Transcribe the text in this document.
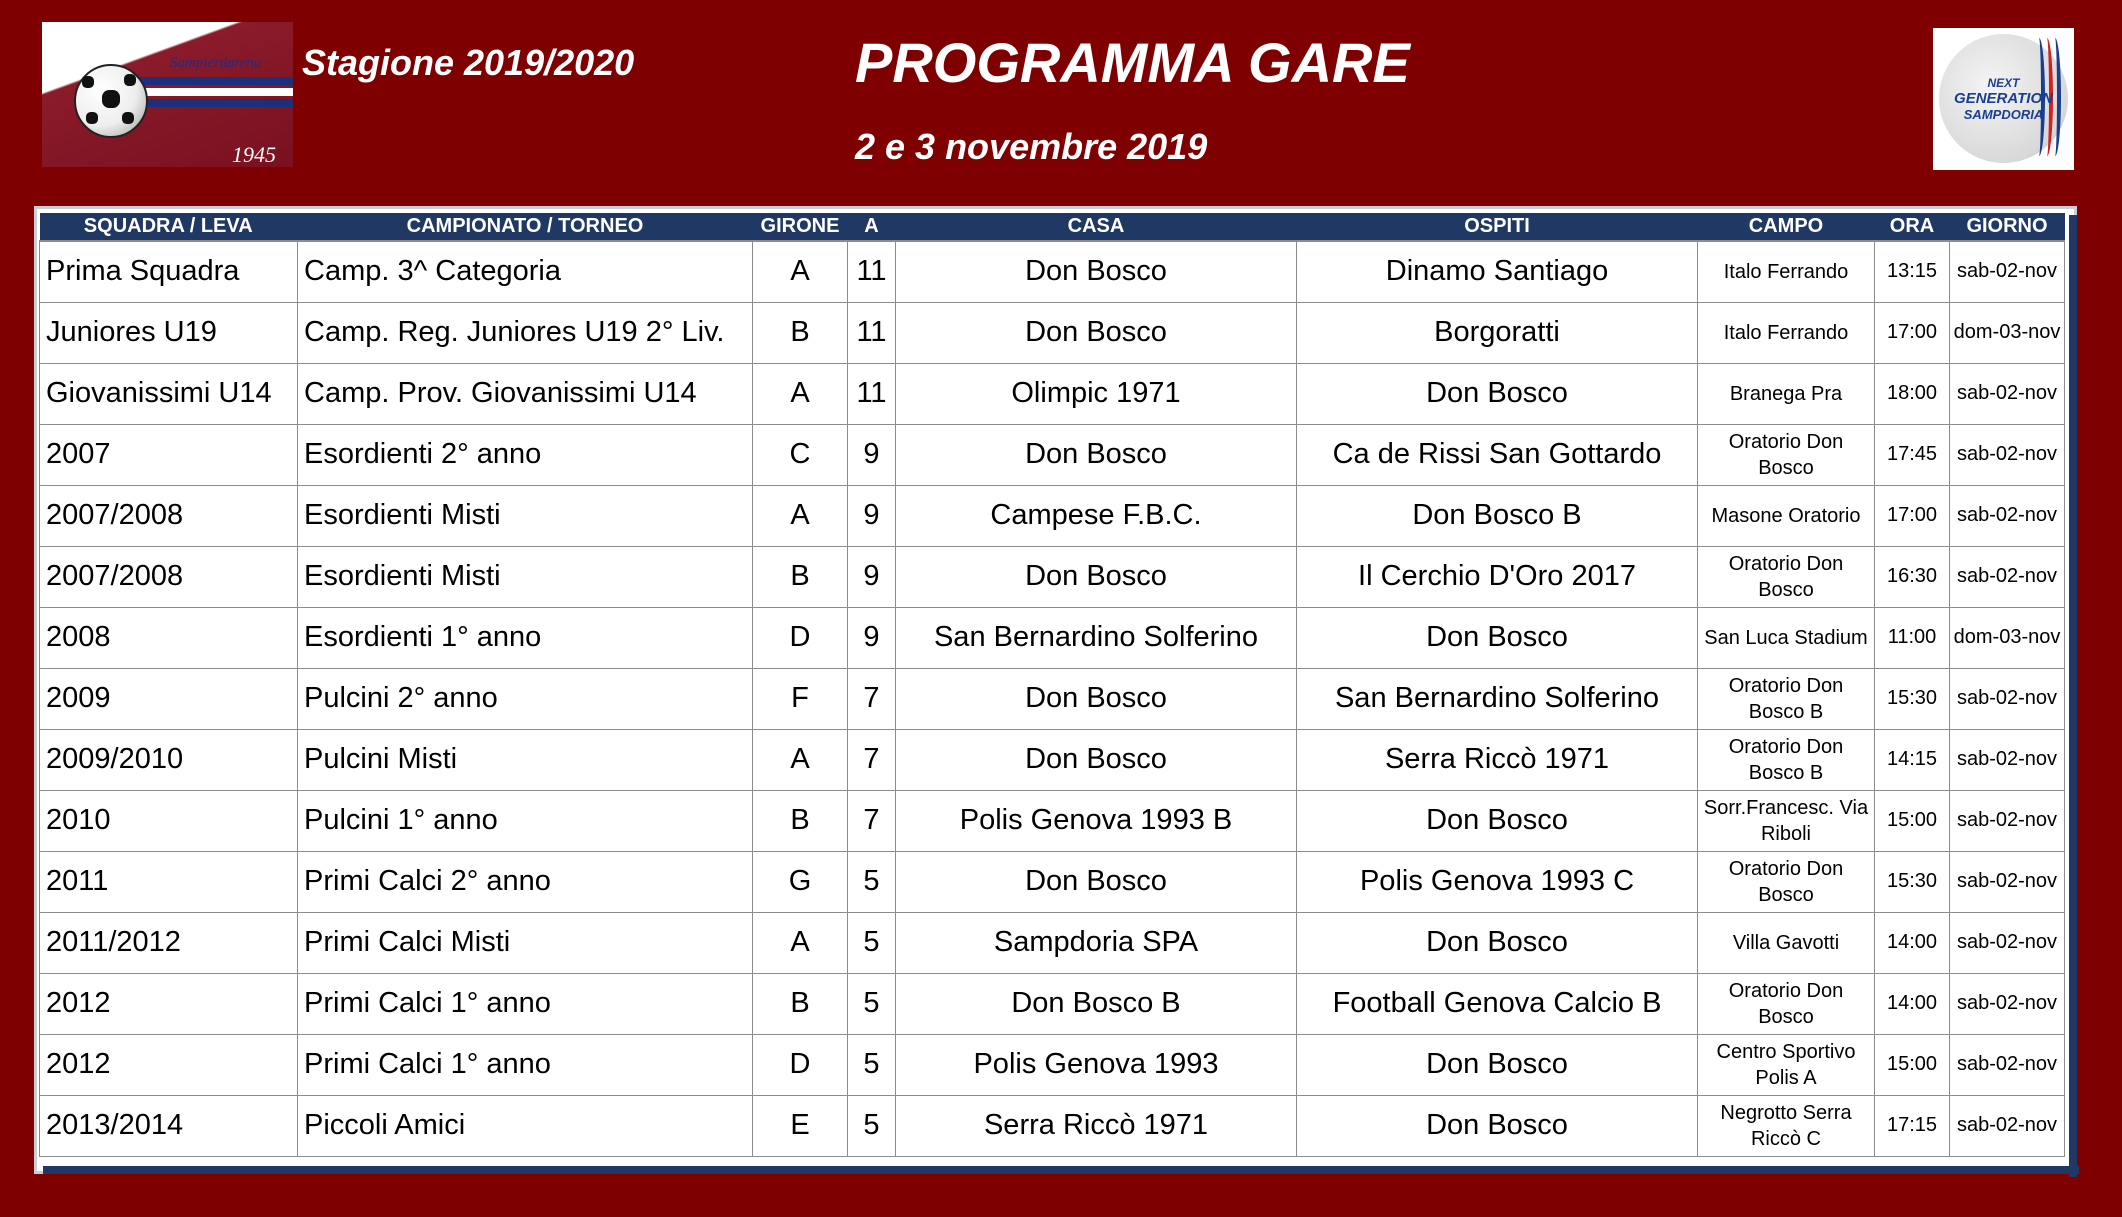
U.S.
DON BOSCO
Sampierdarena
1945
Stagione 2019/2020	PROGRAMMA GARE
2 e 3 novembre 2019
NEXT
GENERATION
SAMPDORIA
SQUADRA / LEVA	CAMPIONATO / TORNEO	GIRONE	A	CASA	OSPITI	CAMPO	ORA	GIORNO
Prima Squadra	Camp. 3^ Categoria	A	11	Don Bosco	Dinamo Santiago	Italo Ferrando	13:15	sab-02-nov
Juniores U19	Camp. Reg. Juniores U19 2° Liv.	B	11	Don Bosco	Borgoratti	Italo Ferrando	17:00	dom-03-nov
Giovanissimi U14	Camp. Prov. Giovanissimi U14	A	11	Olimpic 1971	Don Bosco	Branega Pra	18:00	sab-02-nov
2007	Esordienti 2° anno	C	9	Don Bosco	Ca de Rissi San Gottardo	Oratorio Don Bosco	17:45	sab-02-nov
2007/2008	Esordienti Misti	A	9	Campese F.B.C.	Don Bosco B	Masone Oratorio	17:00	sab-02-nov
2007/2008	Esordienti Misti	B	9	Don Bosco	Il Cerchio D'Oro 2017	Oratorio Don Bosco	16:30	sab-02-nov
2008	Esordienti 1° anno	D	9	San Bernardino Solferino	Don Bosco	San Luca Stadium	11:00	dom-03-nov
2009	Pulcini 2° anno	F	7	Don Bosco	San Bernardino Solferino	Oratorio Don Bosco B	15:30	sab-02-nov
2009/2010	Pulcini Misti	A	7	Don Bosco	Serra Riccò 1971	Oratorio Don Bosco B	14:15	sab-02-nov
2010	Pulcini 1° anno	B	7	Polis Genova 1993 B	Don Bosco	Sorr.Francesc. Via Riboli	15:00	sab-02-nov
2011	Primi Calci 2° anno	G	5	Don Bosco	Polis Genova 1993 C	Oratorio Don Bosco	15:30	sab-02-nov
2011/2012	Primi Calci Misti	A	5	Sampdoria SPA	Don Bosco	Villa Gavotti	14:00	sab-02-nov
2012	Primi Calci 1° anno	B	5	Don Bosco B	Football Genova Calcio B	Oratorio Don Bosco	14:00	sab-02-nov
2012	Primi Calci 1° anno	D	5	Polis Genova 1993	Don Bosco	Centro Sportivo Polis A	15:00	sab-02-nov
2013/2014	Piccoli Amici	E	5	Serra Riccò 1971	Don Bosco	Negrotto Serra Riccò C	17:15	sab-02-nov
